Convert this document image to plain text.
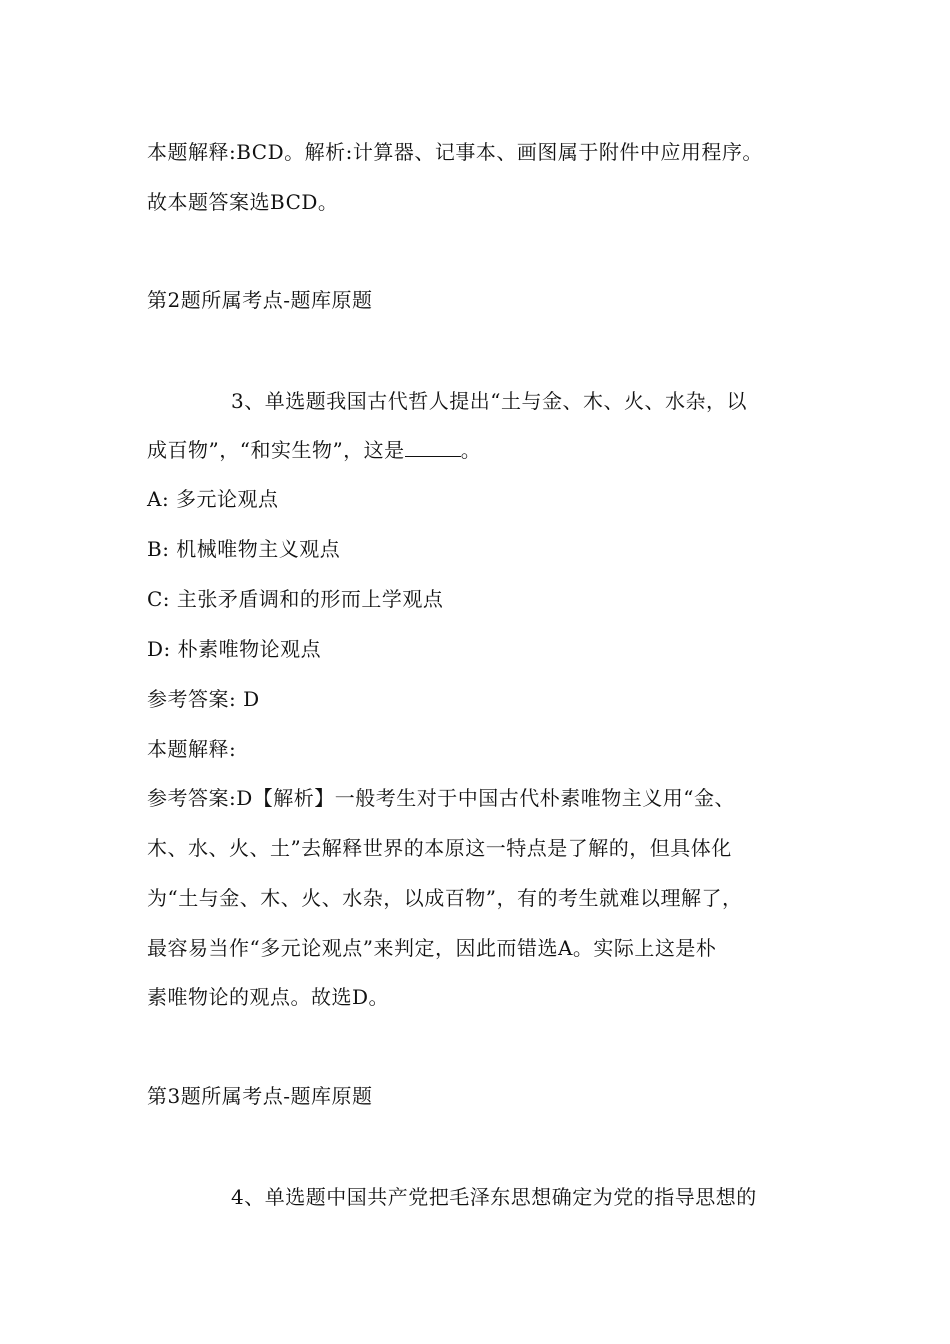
本题解释:BCD。解析:计算器、记事本、画图属于附件中应用程序。
故本题答案选BCD。
第2题所属考点-题库原题
3、单选题我国古代哲人提出“土与金、木、火、水杂，以
成百物”，“和实生物”，这是	。
A: 多元论观点
B: 机械唯物主义观点
C: 主张矛盾调和的形而上学观点
D: 朴素唯物论观点
参考答案: D
本题解释:
参考答案:D【解析】一般考生对于中国古代朴素唯物主义用“金、
木、水、火、土”去解释世界的本原这一特点是了解的，但具体化
为“土与金、木、火、水杂，以成百物”，有的考生就难以理解了，
最容易当作“多元论观点”来判定，因此而错选A。实际上这是朴
素唯物论的观点。故选D。
第3题所属考点-题库原题
4、单选题中国共产党把毛泽东思想确定为党的指导思想的
